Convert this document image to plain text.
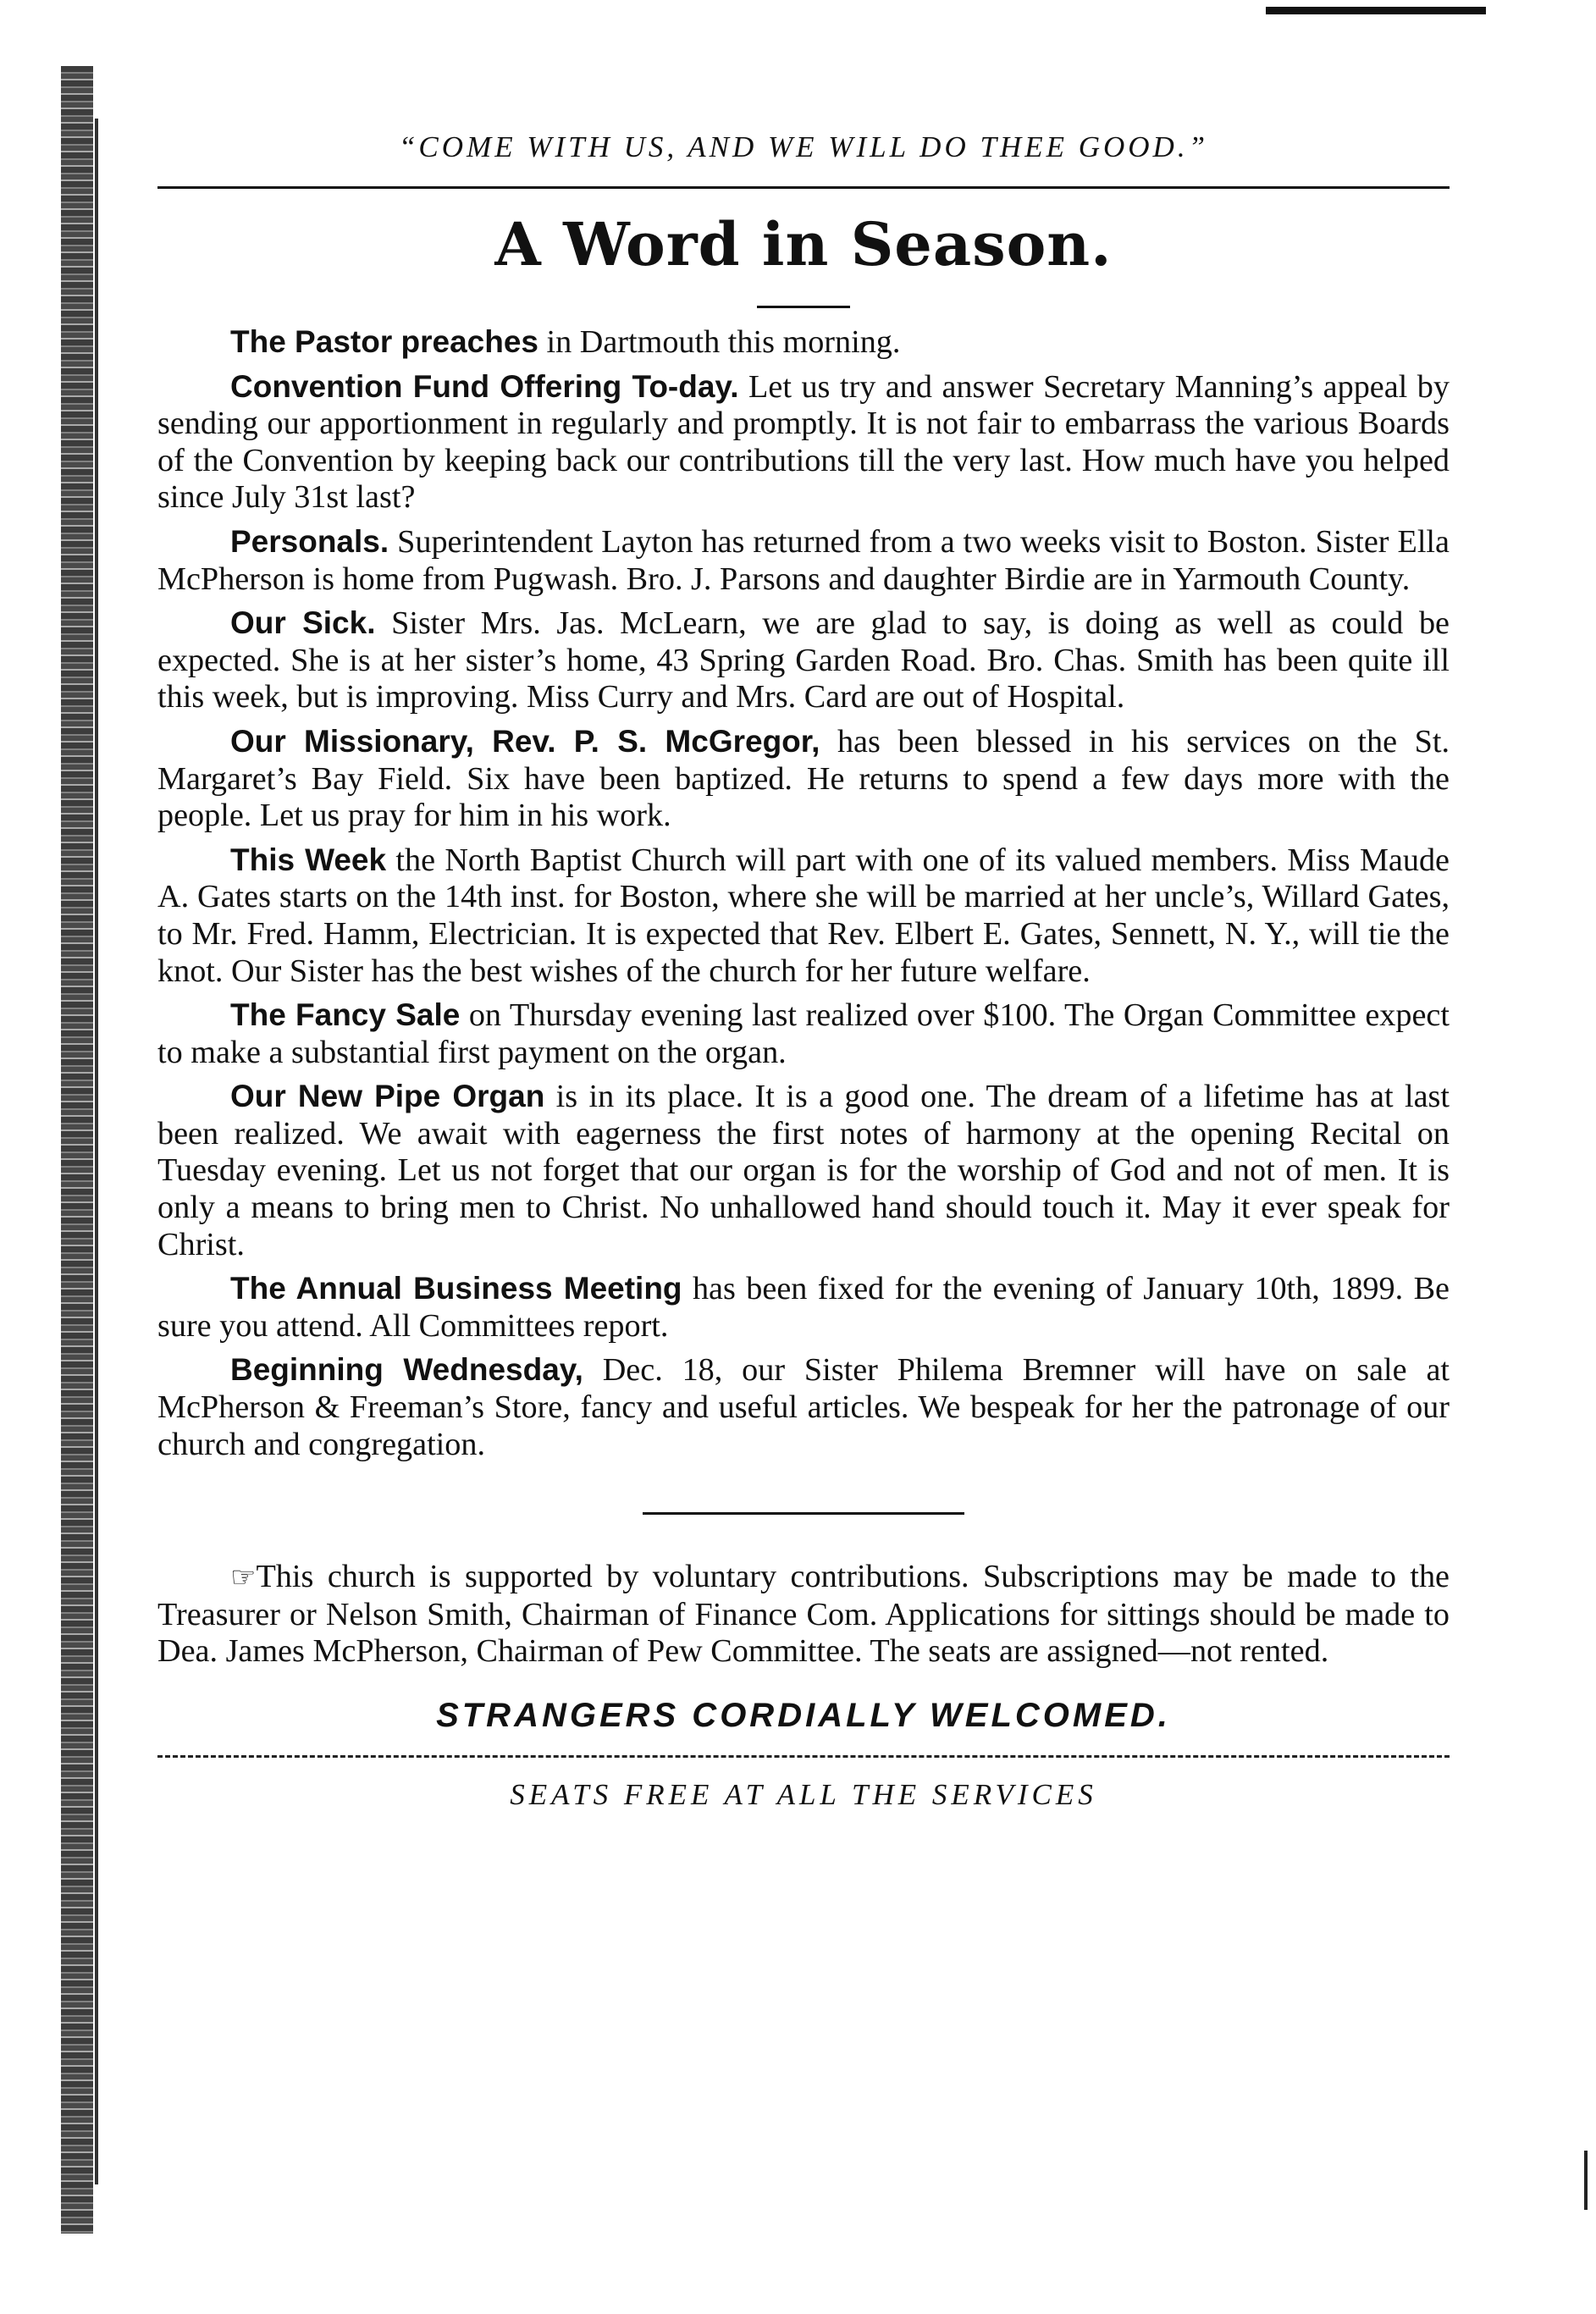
“COME WITH US, AND WE WILL DO THEE GOOD.”

A Word in Season.

The Pastor preaches in Dartmouth this morning.

Convention Fund Offering To-day. Let us try and answer Secretary Manning’s appeal by sending our apportionment in regularly and promptly. It is not fair to embarrass the various Boards of the Convention by keeping back our contributions till the very last. How much have you helped since July 31st last?

Personals. Superintendent Layton has returned from a two weeks visit to Boston. Sister Ella McPherson is home from Pugwash. Bro. J. Parsons and daughter Birdie are in Yarmouth County.

Our Sick. Sister Mrs. Jas. McLearn, we are glad to say, is doing as well as could be expected. She is at her sister’s home, 43 Spring Garden Road. Bro. Chas. Smith has been quite ill this week, but is improving. Miss Curry and Mrs. Card are out of Hospital.

Our Missionary, Rev. P. S. McGregor, has been blessed in his services on the St. Margaret’s Bay Field. Six have been baptized. He returns to spend a few days more with the people. Let us pray for him in his work.

This Week the North Baptist Church will part with one of its valued members. Miss Maude A. Gates starts on the 14th inst. for Boston, where she will be married at her uncle’s, Willard Gates, to Mr. Fred. Hamm, Electrician. It is expected that Rev. Elbert E. Gates, Sennett, N. Y., will tie the knot. Our Sister has the best wishes of the church for her future welfare.

The Fancy Sale on Thursday evening last realized over $100. The Organ Committee expect to make a substantial first payment on the organ.

Our New Pipe Organ is in its place. It is a good one. The dream of a lifetime has at last been realized. We await with eagerness the first notes of harmony at the opening Recital on Tuesday evening. Let us not forget that our organ is for the worship of God and not of men. It is only a means to bring men to Christ. No unhallowed hand should touch it. May it ever speak for Christ.

The Annual Business Meeting has been fixed for the evening of January 10th, 1899. Be sure you attend. All Committees report.

Beginning Wednesday, Dec. 18, our Sister Philema Bremner will have on sale at McPherson & Freeman’s Store, fancy and useful articles. We bespeak for her the patronage of our church and congregation.

☞This church is supported by voluntary contributions. Subscriptions may be made to the Treasurer or Nelson Smith, Chairman of Finance Com. Applications for sittings should be made to Dea. James McPherson, Chairman of Pew Committee. The seats are assigned—not rented.

STRANGERS CORDIALLY WELCOMED.

SEATS FREE AT ALL THE SERVICES
